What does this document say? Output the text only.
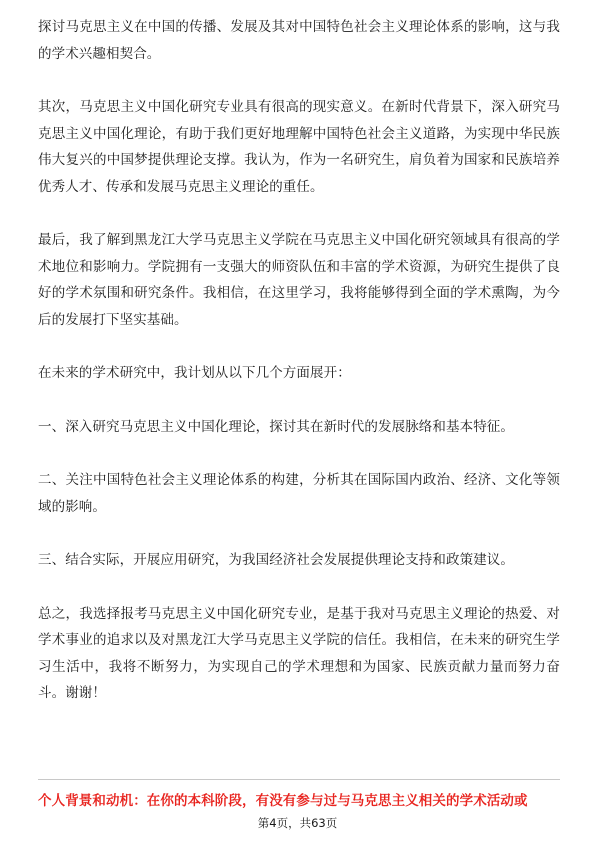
探讨马克思主义在中国的传播、发展及其对中国特色社会主义理论体系的影响，这与我的学术兴趣相契合。

其次，马克思主义中国化研究专业具有很高的现实意义。在新时代背景下，深入研究马克思主义中国化理论，有助于我们更好地理解中国特色社会主义道路，为实现中华民族伟大复兴的中国梦提供理论支撑。我认为，作为一名研究生，肩负着为国家和民族培养优秀人才、传承和发展马克思主义理论的重任。

最后，我了解到黑龙江大学马克思主义学院在马克思主义中国化研究领域具有很高的学术地位和影响力。学院拥有一支强大的师资队伍和丰富的学术资源，为研究生提供了良好的学术氛围和研究条件。我相信，在这里学习，我将能够得到全面的学术熏陶，为今后的发展打下坚实基础。

在未来的学术研究中，我计划从以下几个方面展开：

一、深入研究马克思主义中国化理论，探讨其在新时代的发展脉络和基本特征。

二、关注中国特色社会主义理论体系的构建，分析其在国际国内政治、经济、文化等领域的影响。

三、结合实际，开展应用研究，为我国经济社会发展提供理论支持和政策建议。

总之，我选择报考马克思主义中国化研究专业，是基于我对马克思主义理论的热爱、对学术事业的追求以及对黑龙江大学马克思主义学院的信任。我相信，在未来的研究生学习生活中，我将不断努力，为实现自己的学术理想和为国家、民族贡献力量而努力奋斗。谢谢！

个人背景和动机：在你的本科阶段，有没有参与过与马克思主义相关的学术活动或

第4页，共63页
